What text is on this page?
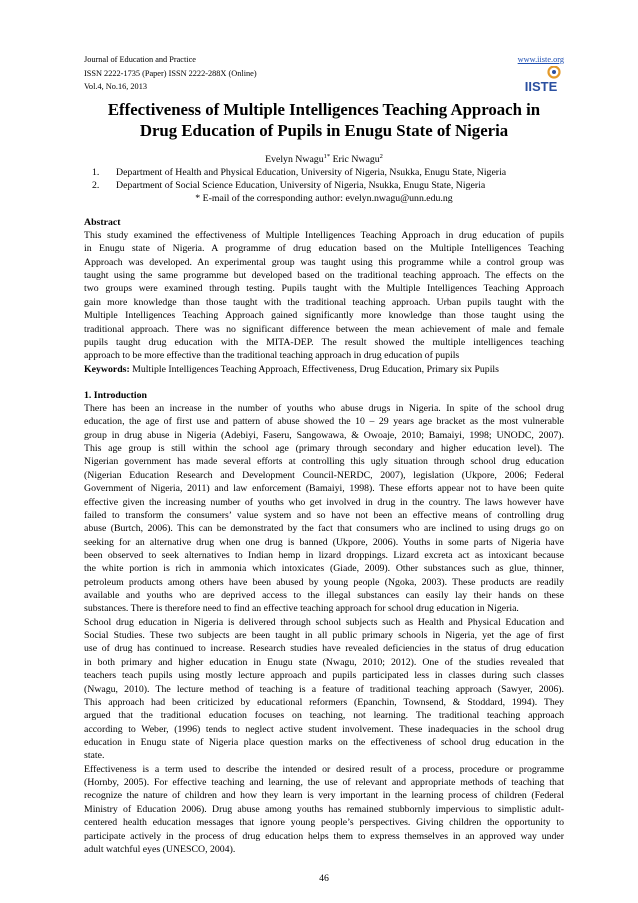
Journal of Education and Practice
ISSN 2222-1735 (Paper) ISSN 2222-288X (Online)
Vol.4, No.16, 2013
www.iiste.org
IISTE
Effectiveness of Multiple Intelligences Teaching Approach in
Drug Education of Pupils in Enugu State of Nigeria
Evelyn Nwagu$^{1*}$ Eric Nwagu$^2$
1. Department of Health and Physical Education, University of Nigeria, Nsukka, Enugu State, Nigeria
2. Department of Social Science Education, University of Nigeria, Nsukka, Enugu State, Nigeria
* E-mail of the corresponding author: evelyn.nwagu@unn.edu.ng
Abstract
This study examined the effectiveness of Multiple Intelligences Teaching Approach in drug education of pupils
in Enugu state of Nigeria. A programme of drug education based on the Multiple Intelligences Teaching
Approach was developed. An experimental group was taught using this programme while a control group was
taught using the same programme but developed based on the traditional teaching approach. The effects on the
two groups were examined through testing. Pupils taught with the Multiple Intelligences Teaching Approach
gain more knowledge than those taught with the traditional teaching approach. Urban pupils taught with the
Multiple Intelligences Teaching Approach gained significantly more knowledge than those taught using the
traditional approach. There was no significant difference between the mean achievement of male and female
pupils taught drug education with the MITA-DEP. The result showed the multiple intelligences teaching
approach to be more effective than the traditional teaching approach in drug education of pupils
Keywords: Multiple Intelligences Teaching Approach, Effectiveness, Drug Education, Primary six Pupils
1. Introduction
There has been an increase in the number of youths who abuse drugs in Nigeria. In spite of the school drug
education, the age of first use and pattern of abuse showed the 10 – 29 years age bracket as the most vulnerable
group in drug abuse in Nigeria (Adebiyi, Faseru, Sangowawa, & Owoaje, 2010; Bamaiyi, 1998; UNODC, 2007).
This age group is still within the school age (primary through secondary and higher education level). The
Nigerian government has made several efforts at controlling this ugly situation through school drug education
(Nigerian Education Research and Development Council-NERDC, 2007), legislation (Ukpore, 2006; Federal
Government of Nigeria, 2011) and law enforcement (Bamaiyi, 1998). These efforts appear not to have been quite
effective given the increasing number of youths who get involved in drug in the country. The laws however have
failed to transform the consumers’ value system and so have not been an effective means of controlling drug
abuse (Burtch, 2006). This can be demonstrated by the fact that consumers who are inclined to using drugs go on
seeking for an alternative drug when one drug is banned (Ukpore, 2006). Youths in some parts of Nigeria have
been observed to seek alternatives to Indian hemp in lizard droppings. Lizard excreta act as intoxicant because
the white portion is rich in ammonia which intoxicates (Giade, 2009). Other substances such as glue, thinner,
petroleum products among others have been abused by young people (Ngoka, 2003). These products are readily
available and youths who are deprived access to the illegal substances can easily lay their hands on these
substances. There is therefore need to find an effective teaching approach for school drug education in Nigeria.
School drug education in Nigeria is delivered through school subjects such as Health and Physical Education and
Social Studies. These two subjects are been taught in all public primary schools in Nigeria, yet the age of first
use of drug has continued to increase. Research studies have revealed deficiencies in the status of drug education
in both primary and higher education in Enugu state (Nwagu, 2010; 2012). One of the studies revealed that
teachers teach pupils using mostly lecture approach and pupils participated less in classes during such classes
(Nwagu, 2010). The lecture method of teaching is a feature of traditional teaching approach (Sawyer, 2006).
This approach had been criticized by educational reformers (Epanchin, Townsend, & Stoddard, 1994). They
argued that the traditional education focuses on teaching, not learning. The traditional teaching approach
according to Weber, (1996) tends to neglect active student involvement. These inadequacies in the school drug
education in Enugu state of Nigeria place question marks on the effectiveness of school drug education in the
state.
Effectiveness is a term used to describe the intended or desired result of a process, procedure or programme
(Hornby, 2005). For effective teaching and learning, the use of relevant and appropriate methods of teaching that
recognize the nature of children and how they learn is very important in the learning process of children (Federal
Ministry of Education 2006). Drug abuse among youths has remained stubbornly impervious to simplistic adult-
centered health education messages that ignore young people’s perspectives. Giving children the opportunity to
participate actively in the process of drug education helps them to express themselves in an approved way under
adult watchful eyes (UNESCO, 2004).
46
